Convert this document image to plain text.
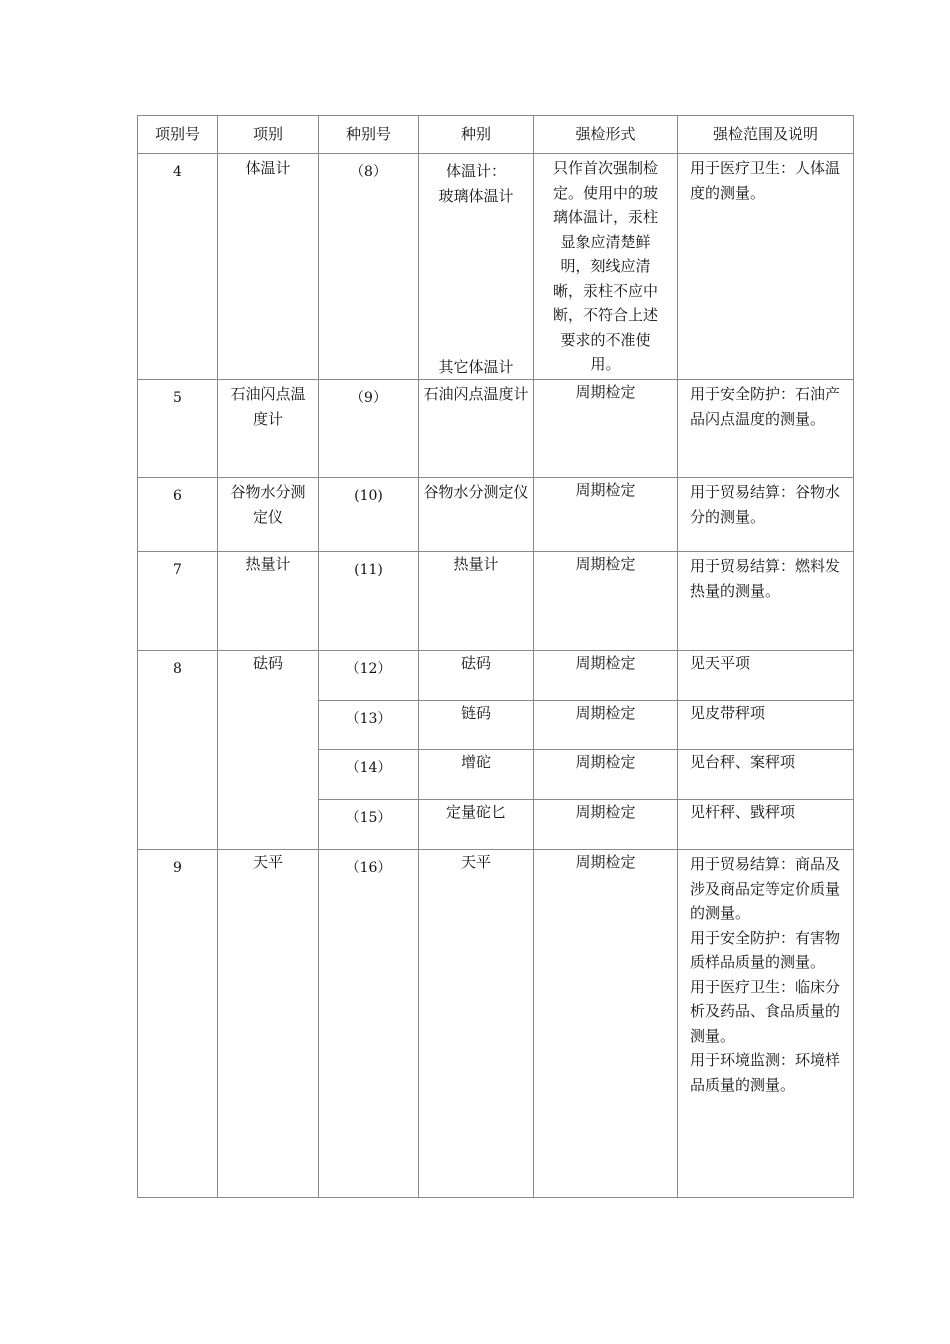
项别号	项别	种别号	种别	强检形式	强检范围及说明
4	体温计	（8）	体温计：
玻璃体温计
其它体温计	只作首次强制检定。使用中的玻璃体温计，汞柱显象应清楚鲜明，刻线应清晰，汞柱不应中断，不符合上述要求的不准使用。	用于医疗卫生：人体温度的测量。
5	石油闪点温度计	（9）	石油闪点温度计	周期检定	用于安全防护：石油产品闪点温度的测量。
6	谷物水分测定仪	(10)	谷物水分测定仪	周期检定	用于贸易结算：谷物水分的测量。
7	热量计	(11)	热量计	周期检定	用于贸易结算：燃料发热量的测量。
8	砝码	（12）	砝码	周期检定	见天平项
		（13）	链码	周期检定	见皮带秤项
		（14）	增砣	周期检定	见台秤、案秤项
		（15）	定量砣匕	周期检定	见杆秤、戥秤项
9	天平	（16）	天平	周期检定	用于贸易结算：商品及涉及商品定等定价质量的测量。
用于安全防护：有害物质样品质量的测量。
用于医疗卫生：临床分析及药品、食品质量的测量。
用于环境监测：环境样品质量的测量。
